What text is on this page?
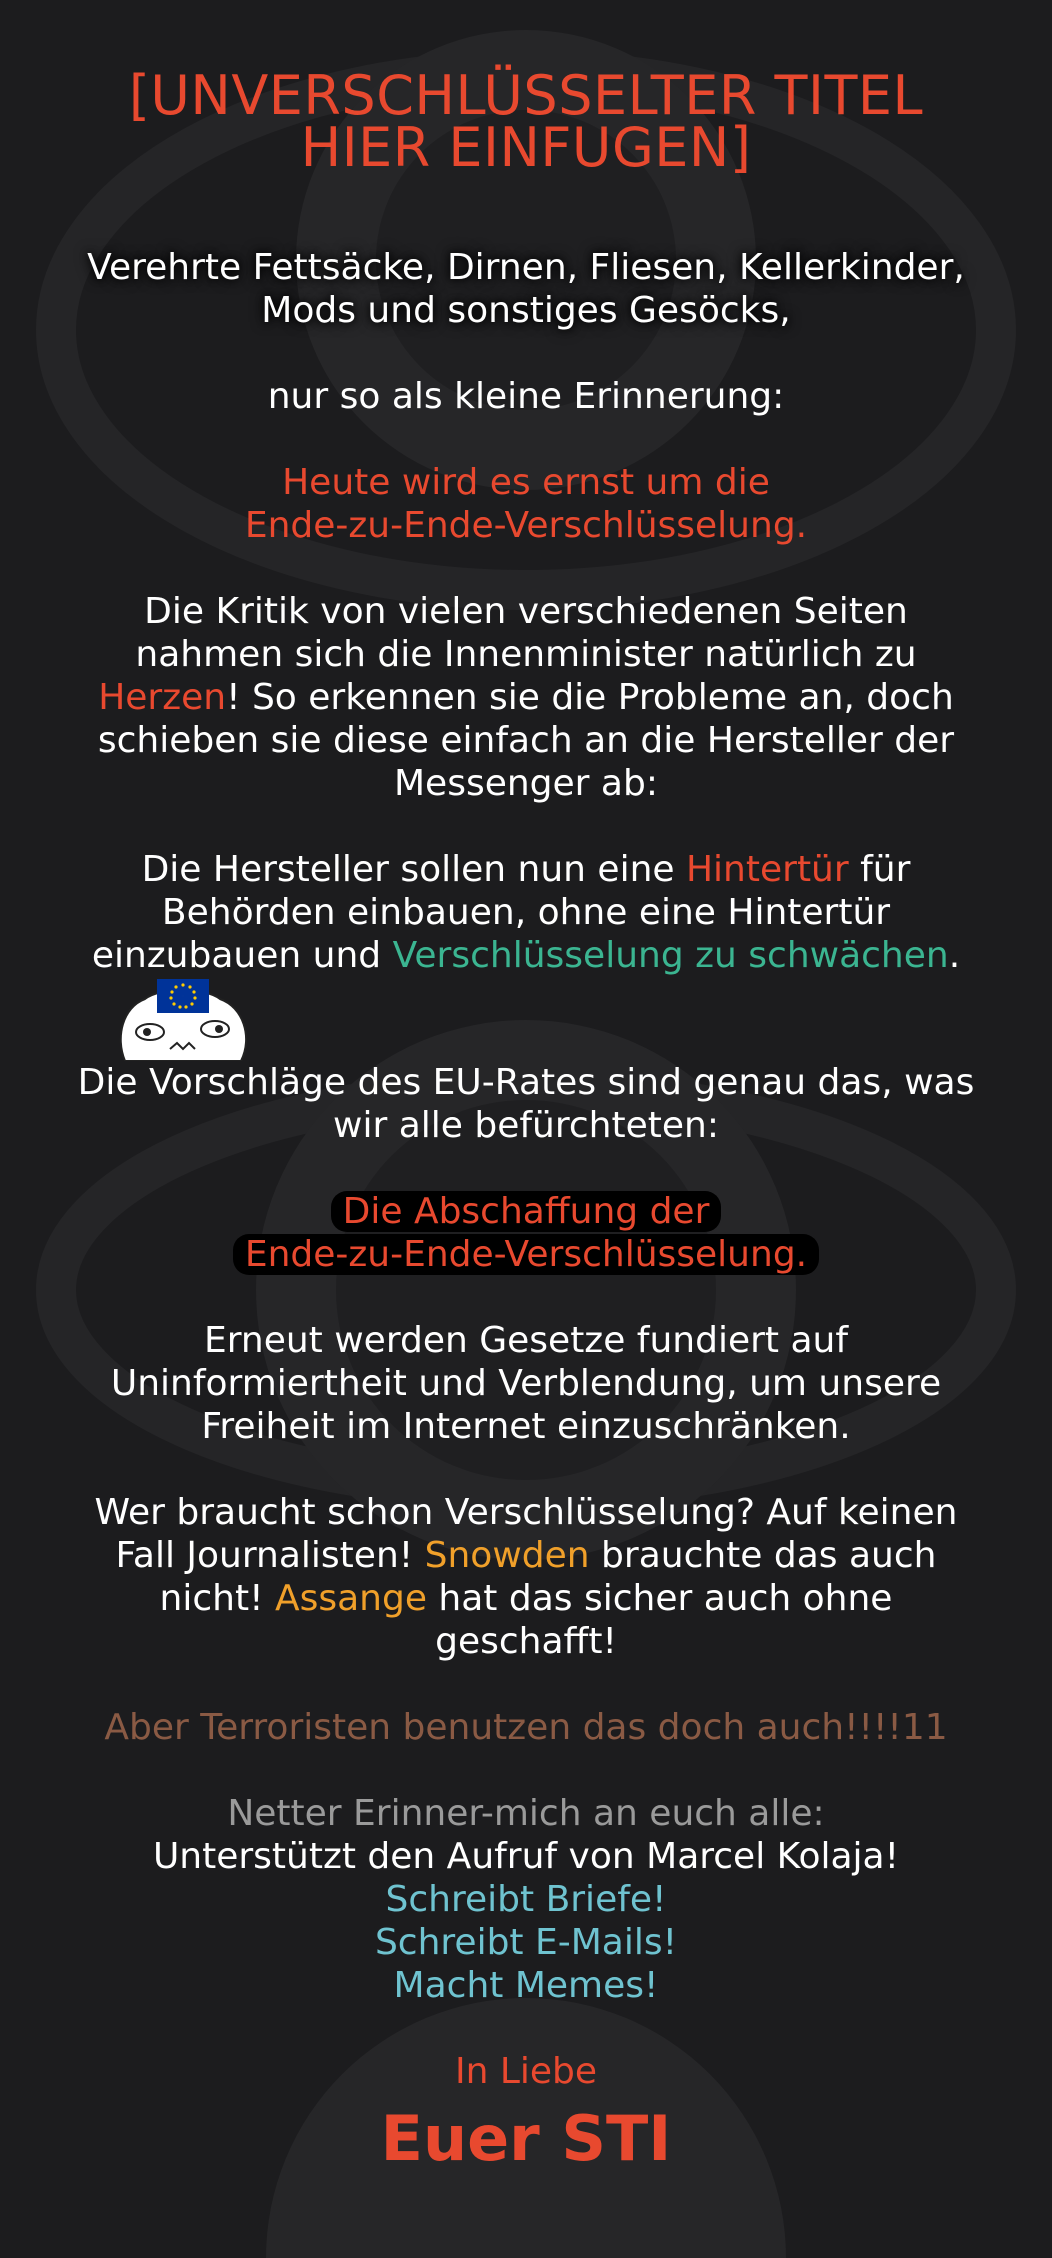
[UNVERSCHLÜSSELTER TITEL HIER EINFUGEN]

Verehrte Fettsäcke, Dirnen, Fliesen, Kellerkinder, Mods und sonstiges Gesöcks,

nur so als kleine Erinnerung:

Heute wird es ernst um die
Ende-zu-Ende-Verschlüsselung.

Die Kritik von vielen verschiedenen Seiten nahmen sich die Innenminister natürlich zu Herzen! So erkennen sie die Probleme an, doch schieben sie diese einfach an die Hersteller der Messenger ab:

Die Hersteller sollen nun eine Hintertür für Behörden einbauen, ohne eine Hintertür einzubauen und Verschlüsselung zu schwächen.

Die Vorschläge des EU-Rates sind genau das, was wir alle befürchteten:

Die Abschaffung der
Ende-zu-Ende-Verschlüsselung.

Erneut werden Gesetze fundiert auf Uninformiertheit und Verblendung, um unsere Freiheit im Internet einzuschränken.

Wer braucht schon Verschlüsselung? Auf keinen Fall Journalisten! Snowden brauchte das auch nicht! Assange hat das sicher auch ohne geschafft!

Aber Terroristen benutzen das doch auch!!!!11

Netter Erinner-mich an euch alle:

Unterstützt den Aufruf von Marcel Kolaja!

Schreibt Briefe!

Schreibt E-Mails!

Macht Memes!

In Liebe

Euer STI
